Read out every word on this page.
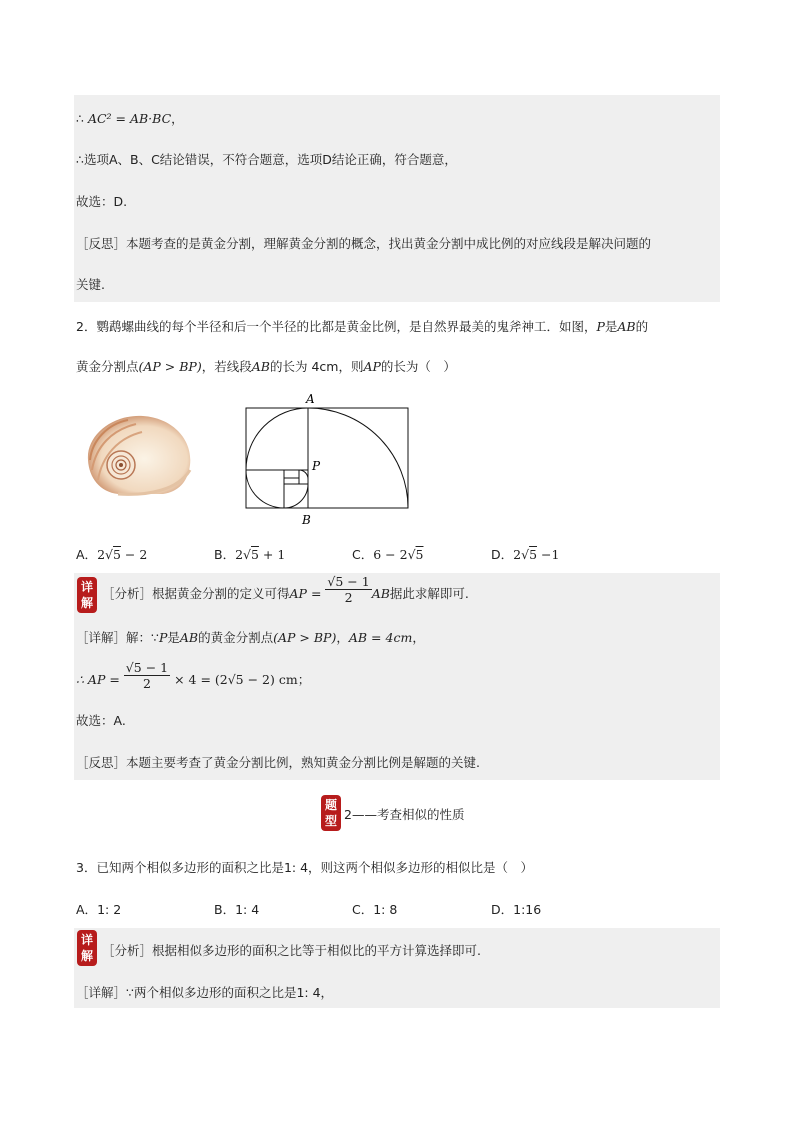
∴ AC² = AB·BC，
∴选项A、B、C结论错误，不符合题意，选项D结论正确，符合题意，
故选：D.
［反思］本题考查的是黄金分割，理解黄金分割的概念，找出黄金分割中成比例的对应线段是解决问题的
关键.
2．鹦鹉螺曲线的每个半径和后一个半径的比都是黄金比例，是自然界最美的鬼斧神工．如图，P是AB的
黄金分割点(AP > BP)，若线段AB的长为 4cm，则AP的长为（　）
A
P
B
A．2√5 − 2	B．2√5 + 1	C．6 − 2√5	D．2√5 −1
详解
［分析］根据黄金分割的定义可得AP = $\frac{√5 - 1}{2}$ AB据此求解即可.
［详解］解：∵P是AB的黄金分割点(AP > BP)，AB = 4cm，
∴ AP = $\frac{√5 - 1}{2} \times 4 = (2√5 - 2)$ cm；
故选：A.
［反思］本题主要考查了黄金分割比例，熟知黄金分割比例是解题的关键.
题型 2——考查相似的性质
3．已知两个相似多边形的面积之比是1: 4，则这两个相似多边形的相似比是（　）
A．1: 2	B．1: 4	C．1: 8	D．1:16
详解 ［分析］根据相似多边形的面积之比等于相似比的平方计算选择即可.
［详解］∵两个相似多边形的面积之比是1: 4，
